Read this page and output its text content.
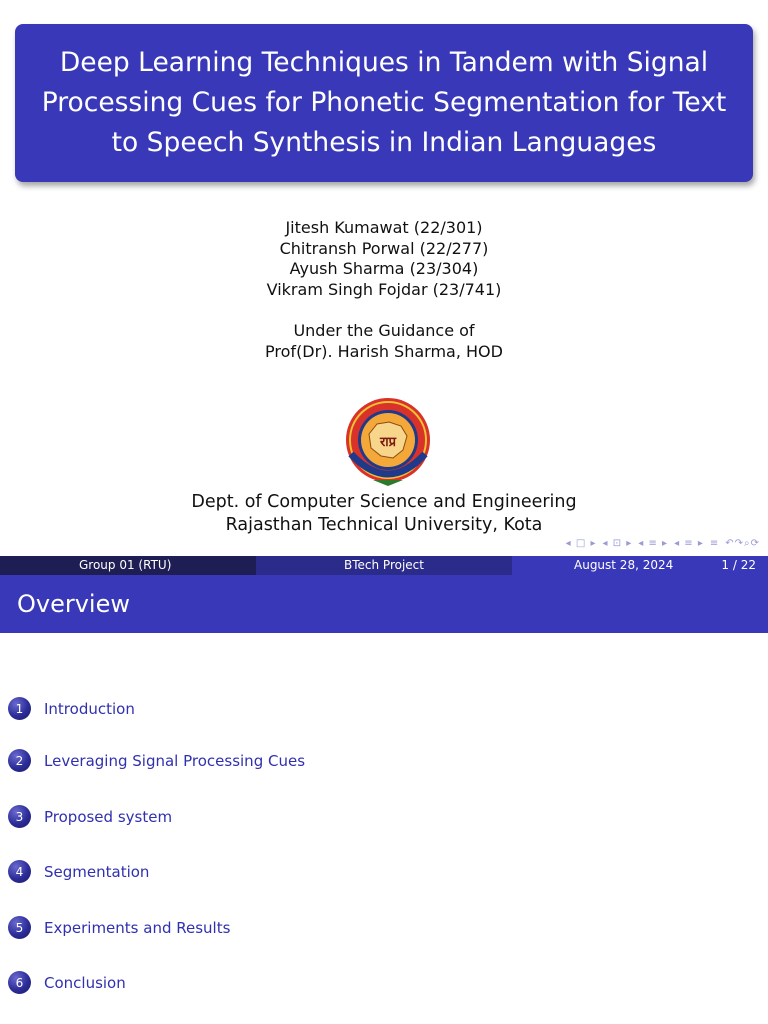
Deep Learning Techniques in Tandem with Signal Processing Cues for Phonetic Segmentation for Text to Speech Synthesis in Indian Languages
Jitesh Kumawat (22/301)
Chitransh Porwal (22/277)
Ayush Sharma (23/304)
Vikram Singh Fojdar (23/741)
Under the Guidance of
Prof(Dr). Harish Sharma, HOD
राप्र
Dept. of Computer Science and Engineering
Rajasthan Technical University, Kota
◂ □ ▸ ◂ ⊡ ▸ ◂ ≡ ▸ ◂ ≡ ▸ ≡ ↶↷⌕⟳
Group 01 (RTU)	BTech Project	August 28, 2024	1 / 22
Overview
1	Introduction
2	Leveraging Signal Processing Cues
3	Proposed system
4	Segmentation
5	Experiments and Results
6	Conclusion
